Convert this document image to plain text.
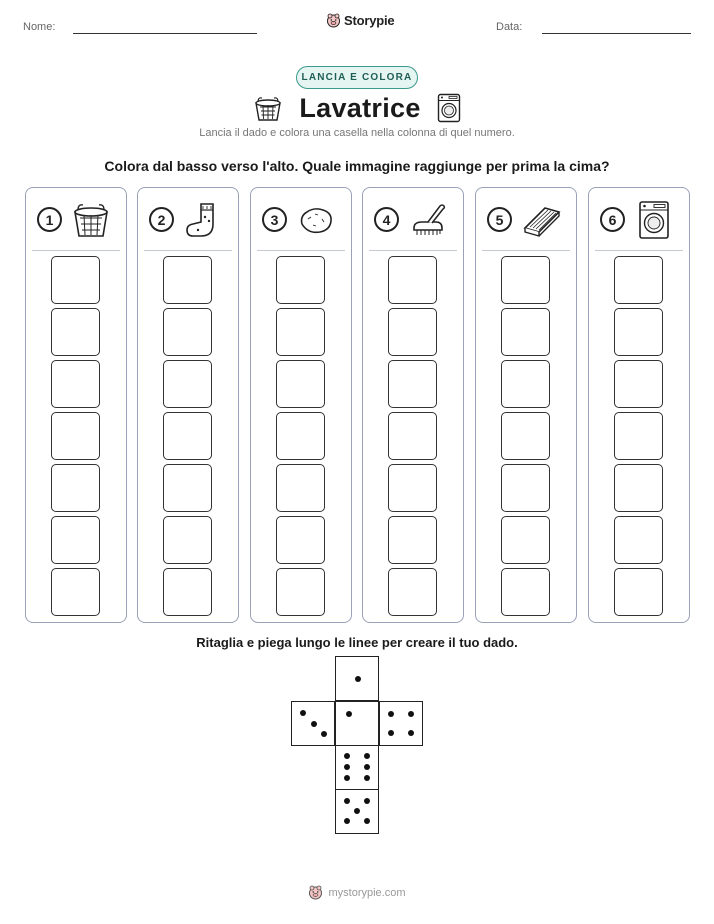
Nome:	Storypie	Data:
LANCIA E COLORA
Lavatrice
Lancia il dado e colora una casella nella colonna di quel numero.
Colora dal basso verso l'alto. Quale immagine raggiunge per prima la cima?
1	2	3	4	5	6
Ritaglia e piega lungo le linee per creare il tuo dado.
mystorypie.com
